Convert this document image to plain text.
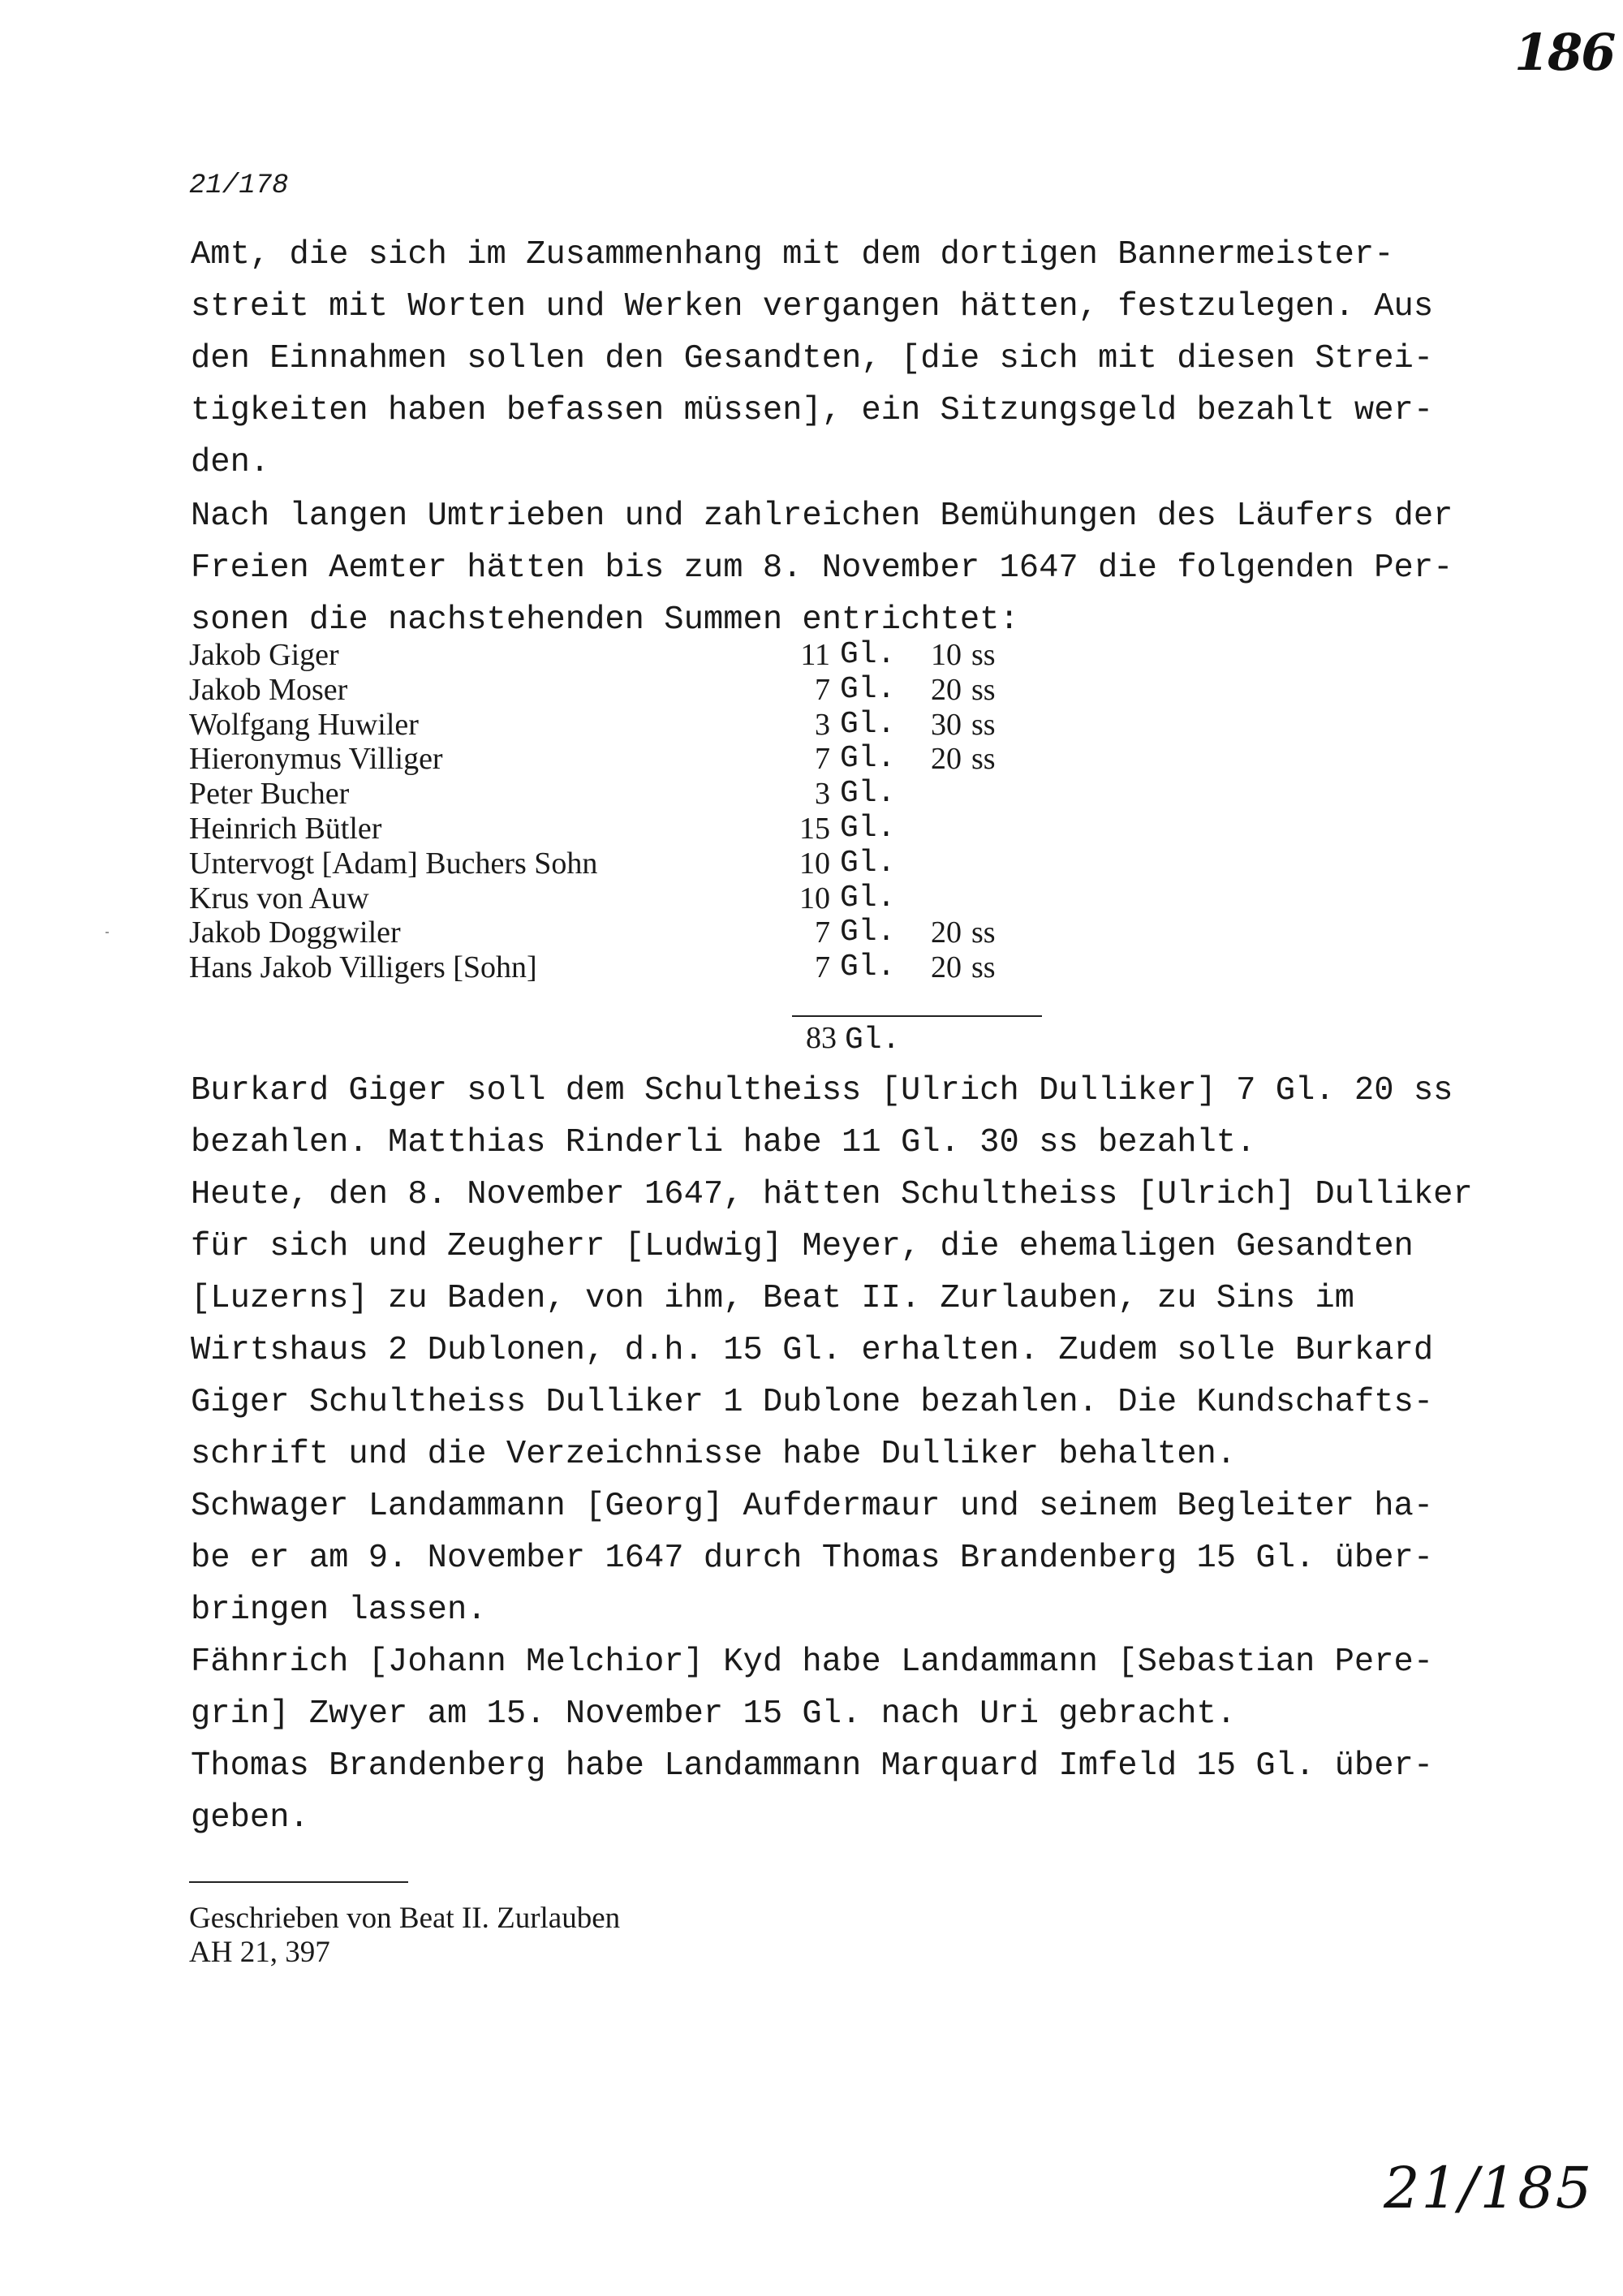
186
21/178
Amt, die sich im Zusammenhang mit dem dortigen Bannermeister-
streit mit Worten und Werken vergangen hätten, festzulegen. Aus
den Einnahmen sollen den Gesandten, [die sich mit diesen Strei-
tigkeiten haben befassen müssen], ein Sitzungsgeld bezahlt wer-
den.
Nach langen Umtrieben und zahlreichen Bemühungen des Läufers der
Freien Aemter hätten bis zum 8. November 1647 die folgenden Per-
sonen die nachstehenden Summen entrichtet:
Jakob Giger	11	Gl.	10	ss
Jakob Moser	7	Gl.	20	ss
Wolfgang Huwiler	3	Gl.	30	ss
Hieronymus Villiger	7	Gl.	20	ss
Peter Bucher	3	Gl.		
Heinrich Bütler	15	Gl.		
Untervogt [Adam] Buchers Sohn	10	Gl.		
Krus von Auw	10	Gl.		
Jakob Doggwiler	7	Gl.	20	ss
Hans Jakob Villigers [Sohn]	7	Gl.	20	ss
83 Gl.
Burkard Giger soll dem Schultheiss [Ulrich Dulliker] 7 Gl. 20 ss
bezahlen. Matthias Rinderli habe 11 Gl. 30 ss bezahlt.
Heute, den 8. November 1647, hätten Schultheiss [Ulrich] Dulliker
für sich und Zeugherr [Ludwig] Meyer, die ehemaligen Gesandten
[Luzerns] zu Baden, von ihm, Beat II. Zurlauben, zu Sins im
Wirtshaus 2 Dublonen, d.h. 15 Gl. erhalten. Zudem solle Burkard
Giger Schultheiss Dulliker 1 Dublone bezahlen. Die Kundschafts-
schrift und die Verzeichnisse habe Dulliker behalten.
Schwager Landammann [Georg] Aufdermaur und seinem Begleiter ha-
be er am 9. November 1647 durch Thomas Brandenberg 15 Gl. über-
bringen lassen.
Fähnrich [Johann Melchior] Kyd habe Landammann [Sebastian Pere-
grin] Zwyer am 15. November 15 Gl. nach Uri gebracht.
Thomas Brandenberg habe Landammann Marquard Imfeld 15 Gl. über-
geben.
Geschrieben von Beat II. Zurlauben
AH 21, 397
21/185
